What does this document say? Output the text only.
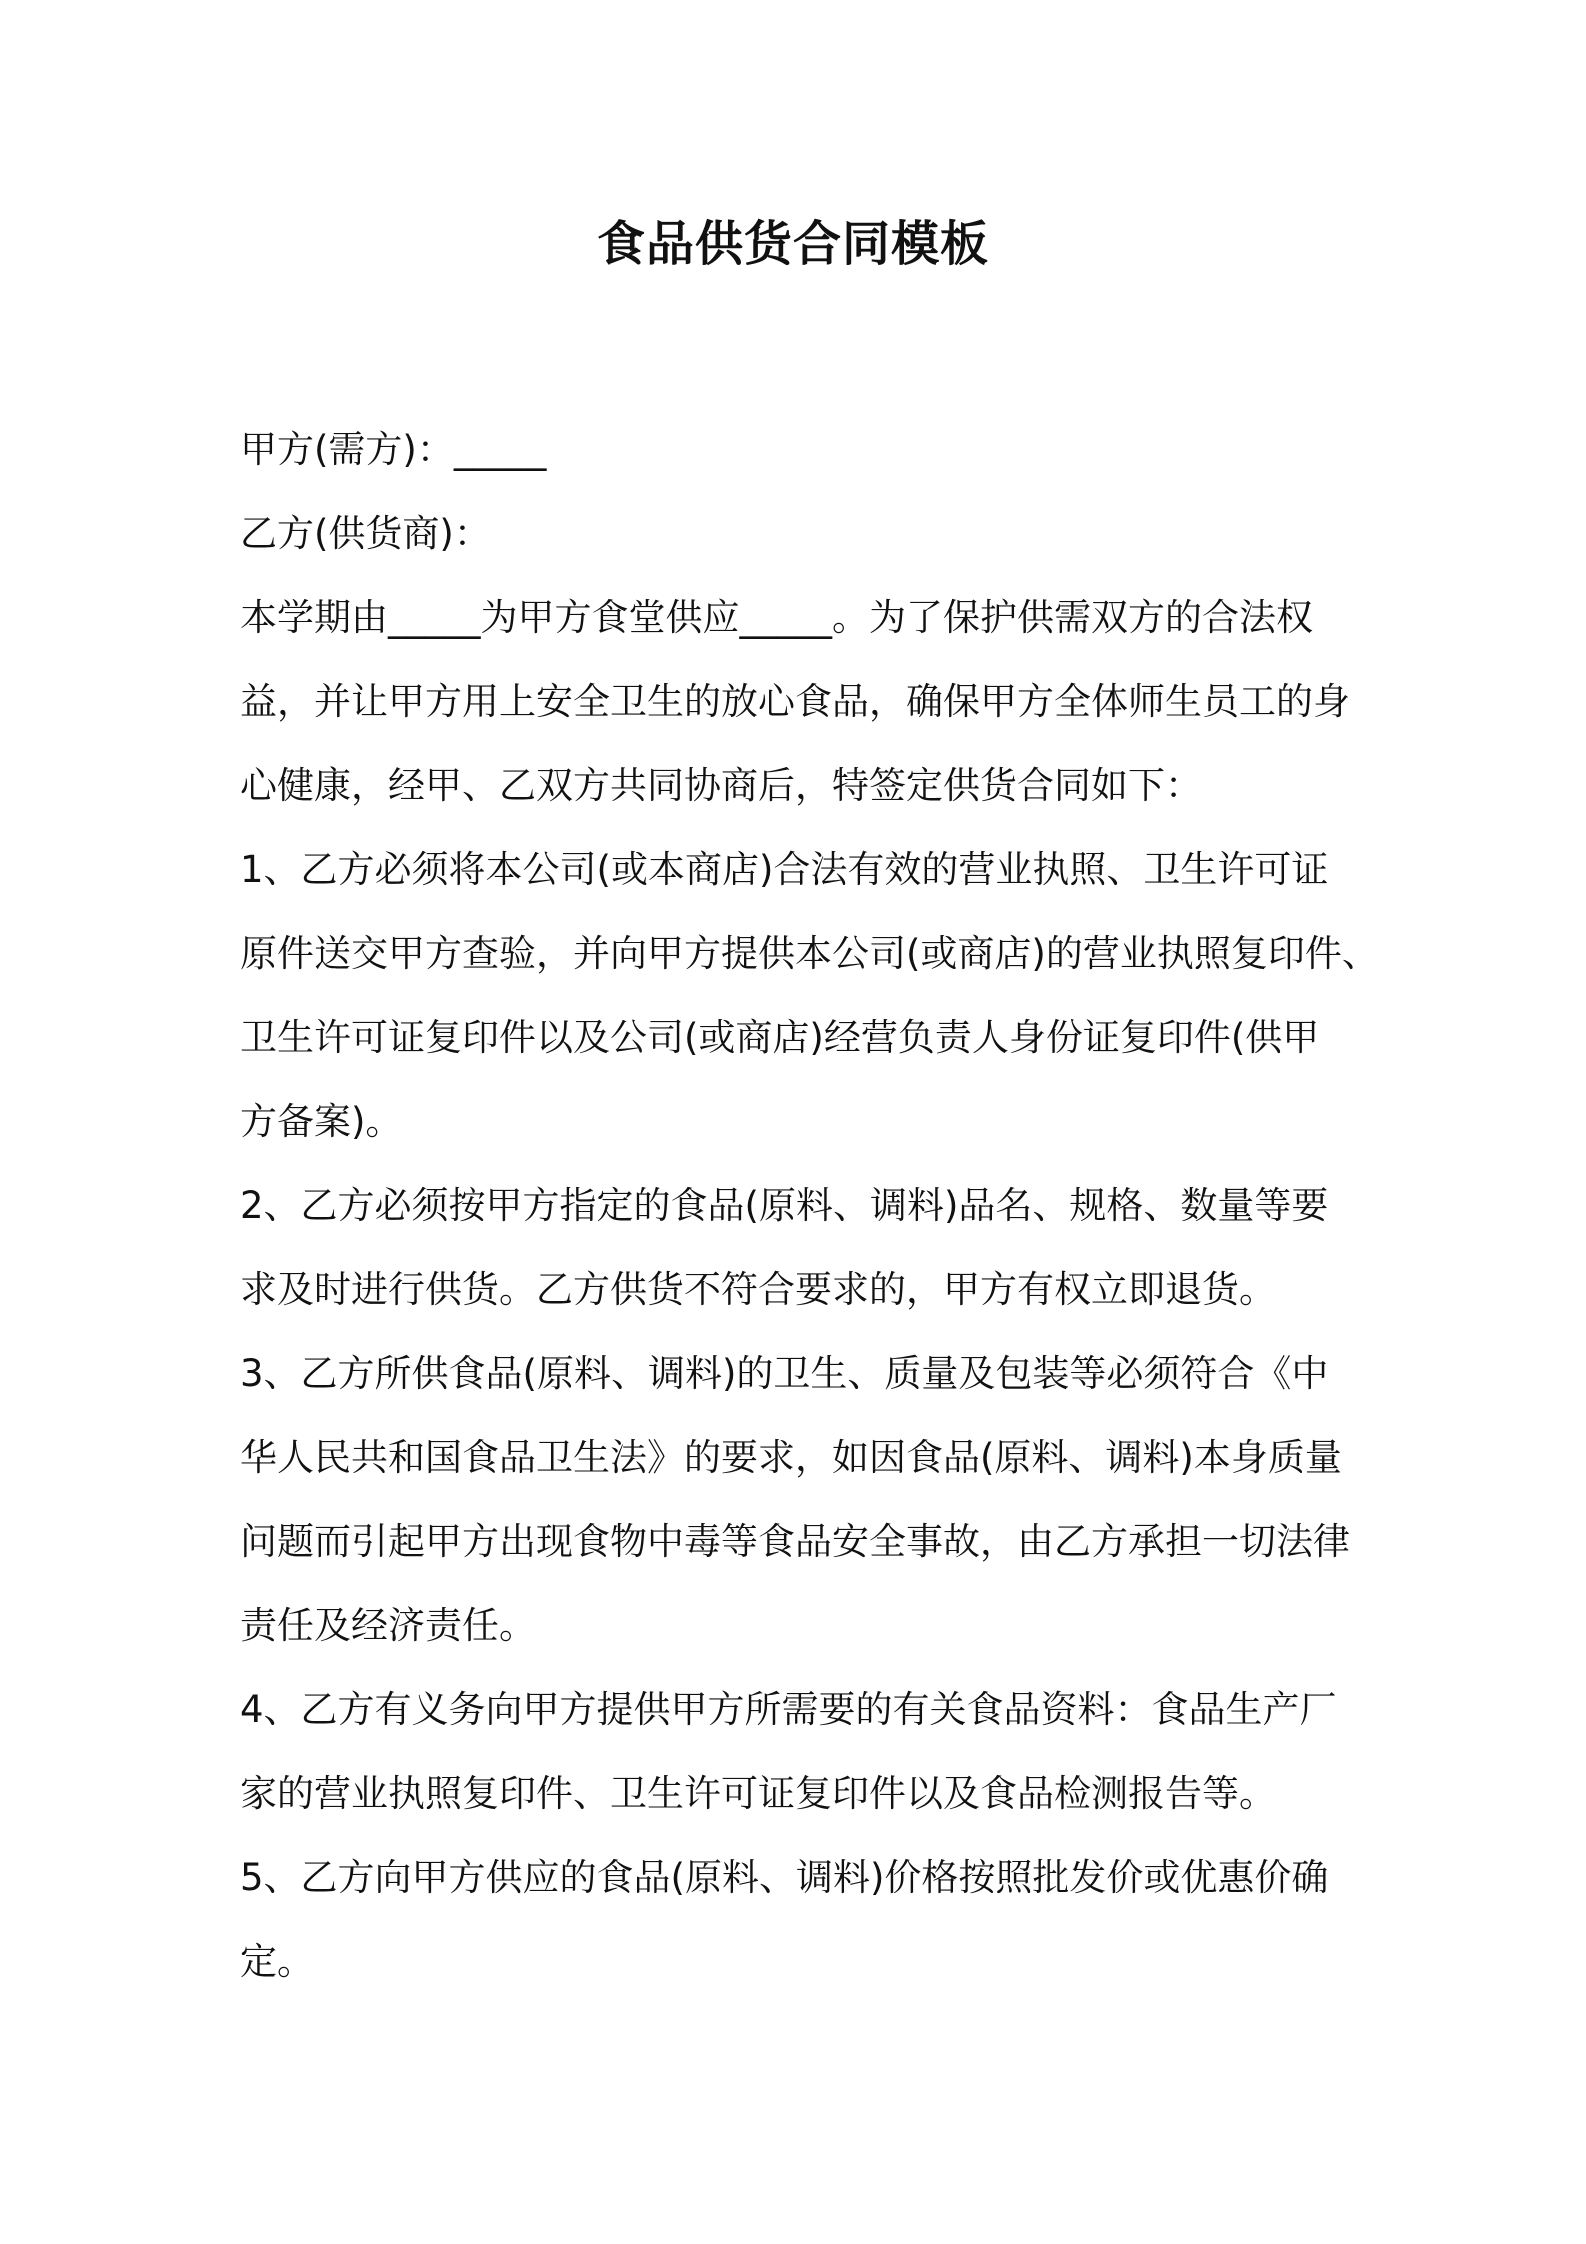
食品供货合同模板

甲方(需方)：_____

乙方(供货商)：

本学期由_____为甲方食堂供应_____。为了保护供需双方的合法权

益，并让甲方用上安全卫生的放心食品，确保甲方全体师生员工的身

心健康，经甲、乙双方共同协商后，特签定供货合同如下：

1、乙方必须将本公司(或本商店)合法有效的营业执照、卫生许可证

原件送交甲方查验，并向甲方提供本公司(或商店)的营业执照复印件、

卫生许可证复印件以及公司(或商店)经营负责人身份证复印件(供甲

方备案)。

2、乙方必须按甲方指定的食品(原料、调料)品名、规格、数量等要

求及时进行供货。乙方供货不符合要求的，甲方有权立即退货。

3、乙方所供食品(原料、调料)的卫生、质量及包装等必须符合《中

华人民共和国食品卫生法》的要求，如因食品(原料、调料)本身质量

问题而引起甲方出现食物中毒等食品安全事故，由乙方承担一切法律

责任及经济责任。

4、乙方有义务向甲方提供甲方所需要的有关食品资料：食品生产厂

家的营业执照复印件、卫生许可证复印件以及食品检测报告等。

5、乙方向甲方供应的食品(原料、调料)价格按照批发价或优惠价确

定。
